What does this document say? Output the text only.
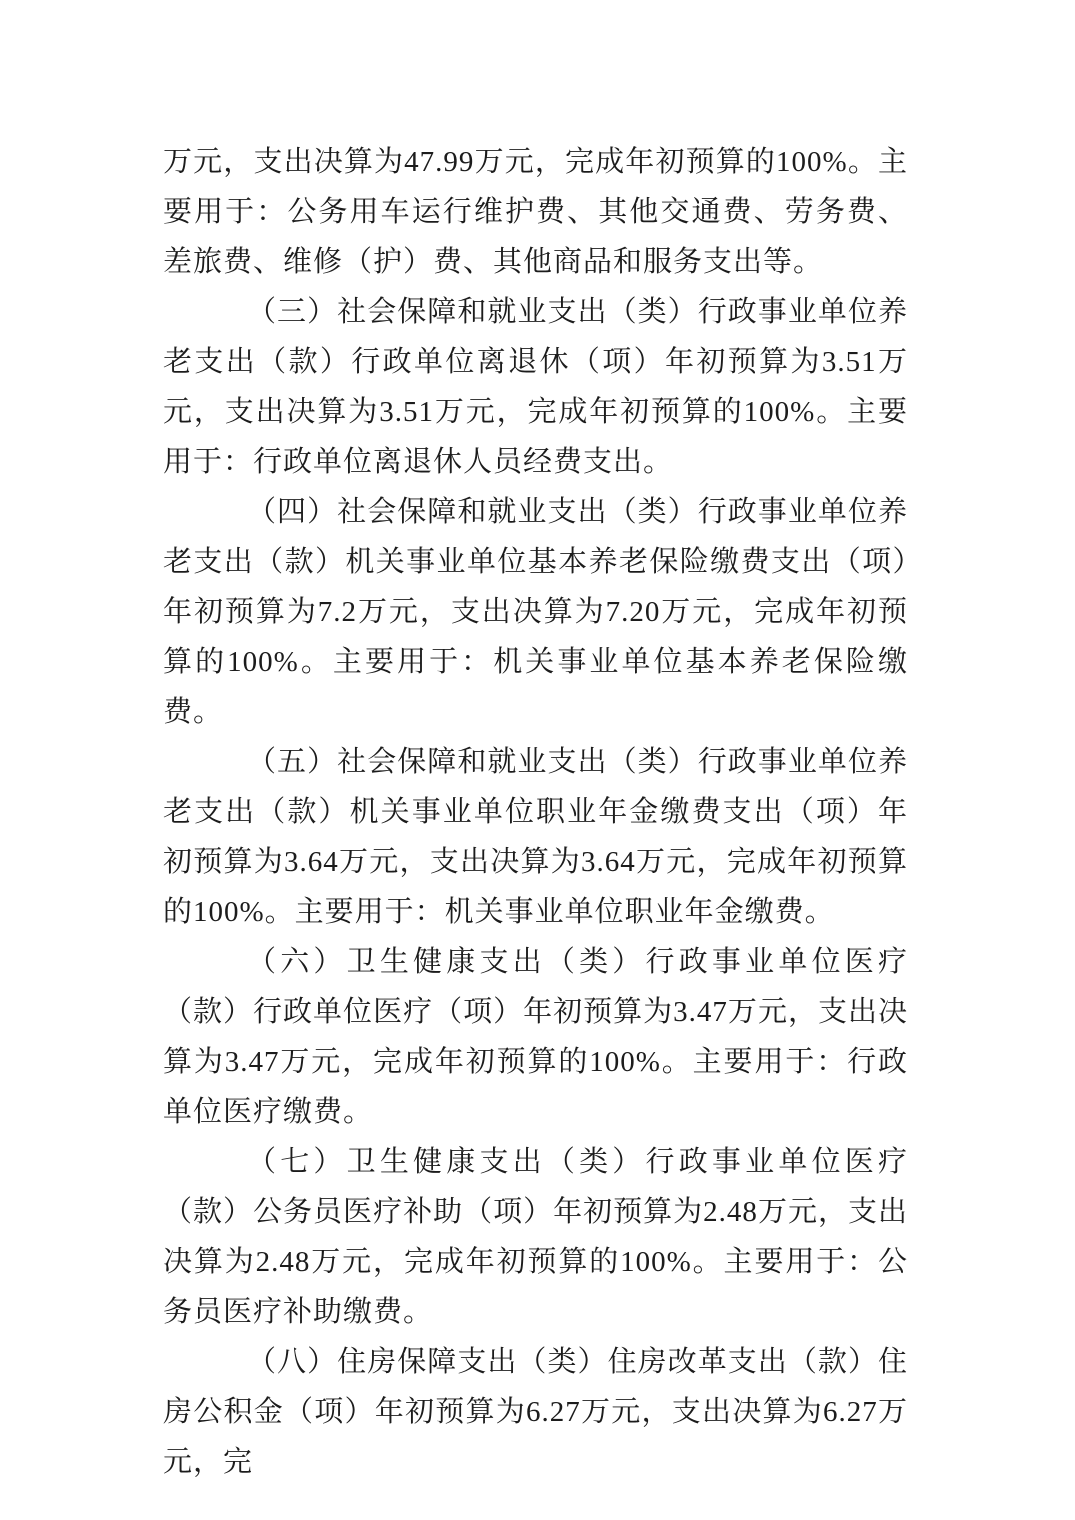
万元，支出决算为47.99万元，完成年初预算的100%。主要用于：公务用车运行维护费、其他交通费、劳务费、差旅费、维修（护）费、其他商品和服务支出等。

（三）社会保障和就业支出（类）行政事业单位养老支出（款）行政单位离退休（项）年初预算为3.51万元，支出决算为3.51万元，完成年初预算的100%。主要用于：行政单位离退休人员经费支出。

（四）社会保障和就业支出（类）行政事业单位养老支出（款）机关事业单位基本养老保险缴费支出（项）年初预算为7.2万元，支出决算为7.20万元，完成年初预算的100%。主要用于：机关事业单位基本养老保险缴费。

（五）社会保障和就业支出（类）行政事业单位养老支出（款）机关事业单位职业年金缴费支出（项）年初预算为3.64万元，支出决算为3.64万元，完成年初预算的100%。主要用于：机关事业单位职业年金缴费。

（六）卫生健康支出（类）行政事业单位医疗（款）行政单位医疗（项）年初预算为3.47万元，支出决算为3.47万元，完成年初预算的100%。主要用于：行政单位医疗缴费。

（七）卫生健康支出（类）行政事业单位医疗（款）公务员医疗补助（项）年初预算为2.48万元，支出决算为2.48万元，完成年初预算的100%。主要用于：公务员医疗补助缴费。

（八）住房保障支出（类）住房改革支出（款）住房公积金（项）年初预算为6.27万元，支出决算为6.27万元，完
